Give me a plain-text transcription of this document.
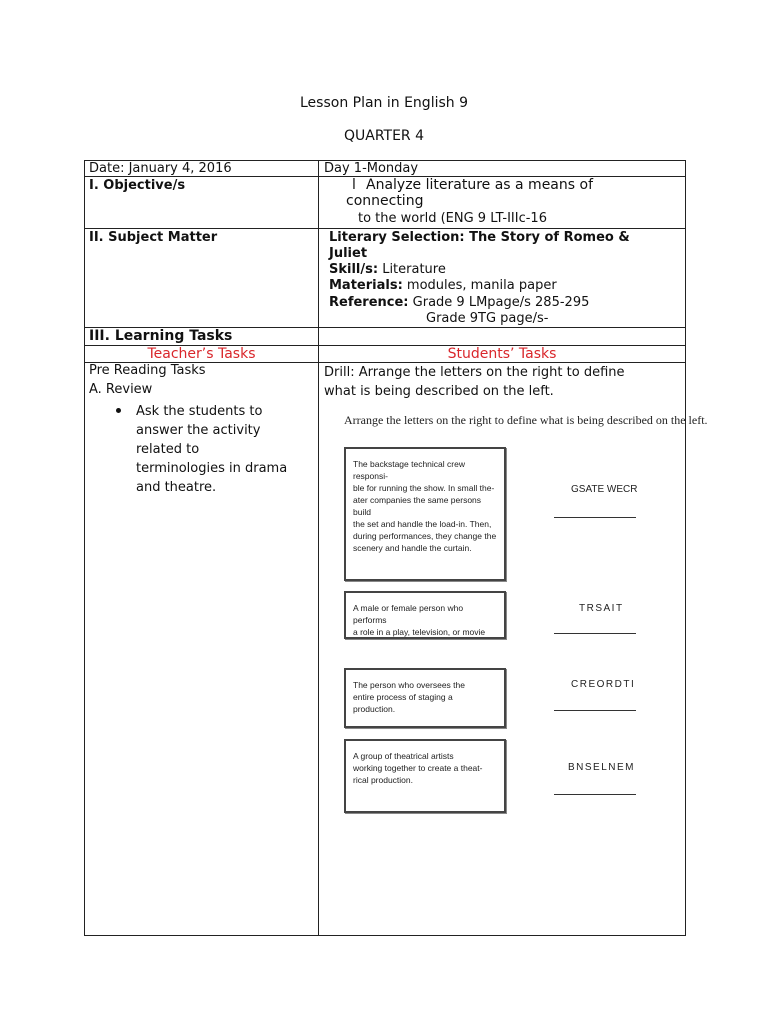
Lesson Plan in English 9
QUARTER 4
Date: January 4, 2016	Day 1-Monday
I. Objective/s	l Analyze literature as a means of
connecting
to the world (ENG 9 LT-IIIc-16
II. Subject Matter	Literary Selection: The Story of Romeo &
Juliet
Skill/s: Literature
Materials: modules, manila paper
Reference: Grade 9 LMpage/s 285-295
Grade 9TG page/s-
III. Learning Tasks
Teacher’s Tasks	Students’ Tasks
Pre Reading Tasks
A. Review
Ask the students to
answer the activity
related to
terminologies in drama
and theatre.
Drill: Arrange the letters on the right to define
what is being described on the left.
Arrange the letters on the right to define what is being described on the left.
The backstage technical crew responsi-
ble for running the show. In small the-
ater companies the same persons build
the set and handle the load-in. Then,
during performances, they change the
scenery and handle the curtain.
GSATE WECR
A male or female person who performs
a role in a play, television, or movie
TRSAIT
The person who oversees the
entire process of staging a
production.
CREORDTI
A group of theatrical artists
working together to create a theat-
rical production.
BNSELNEM
